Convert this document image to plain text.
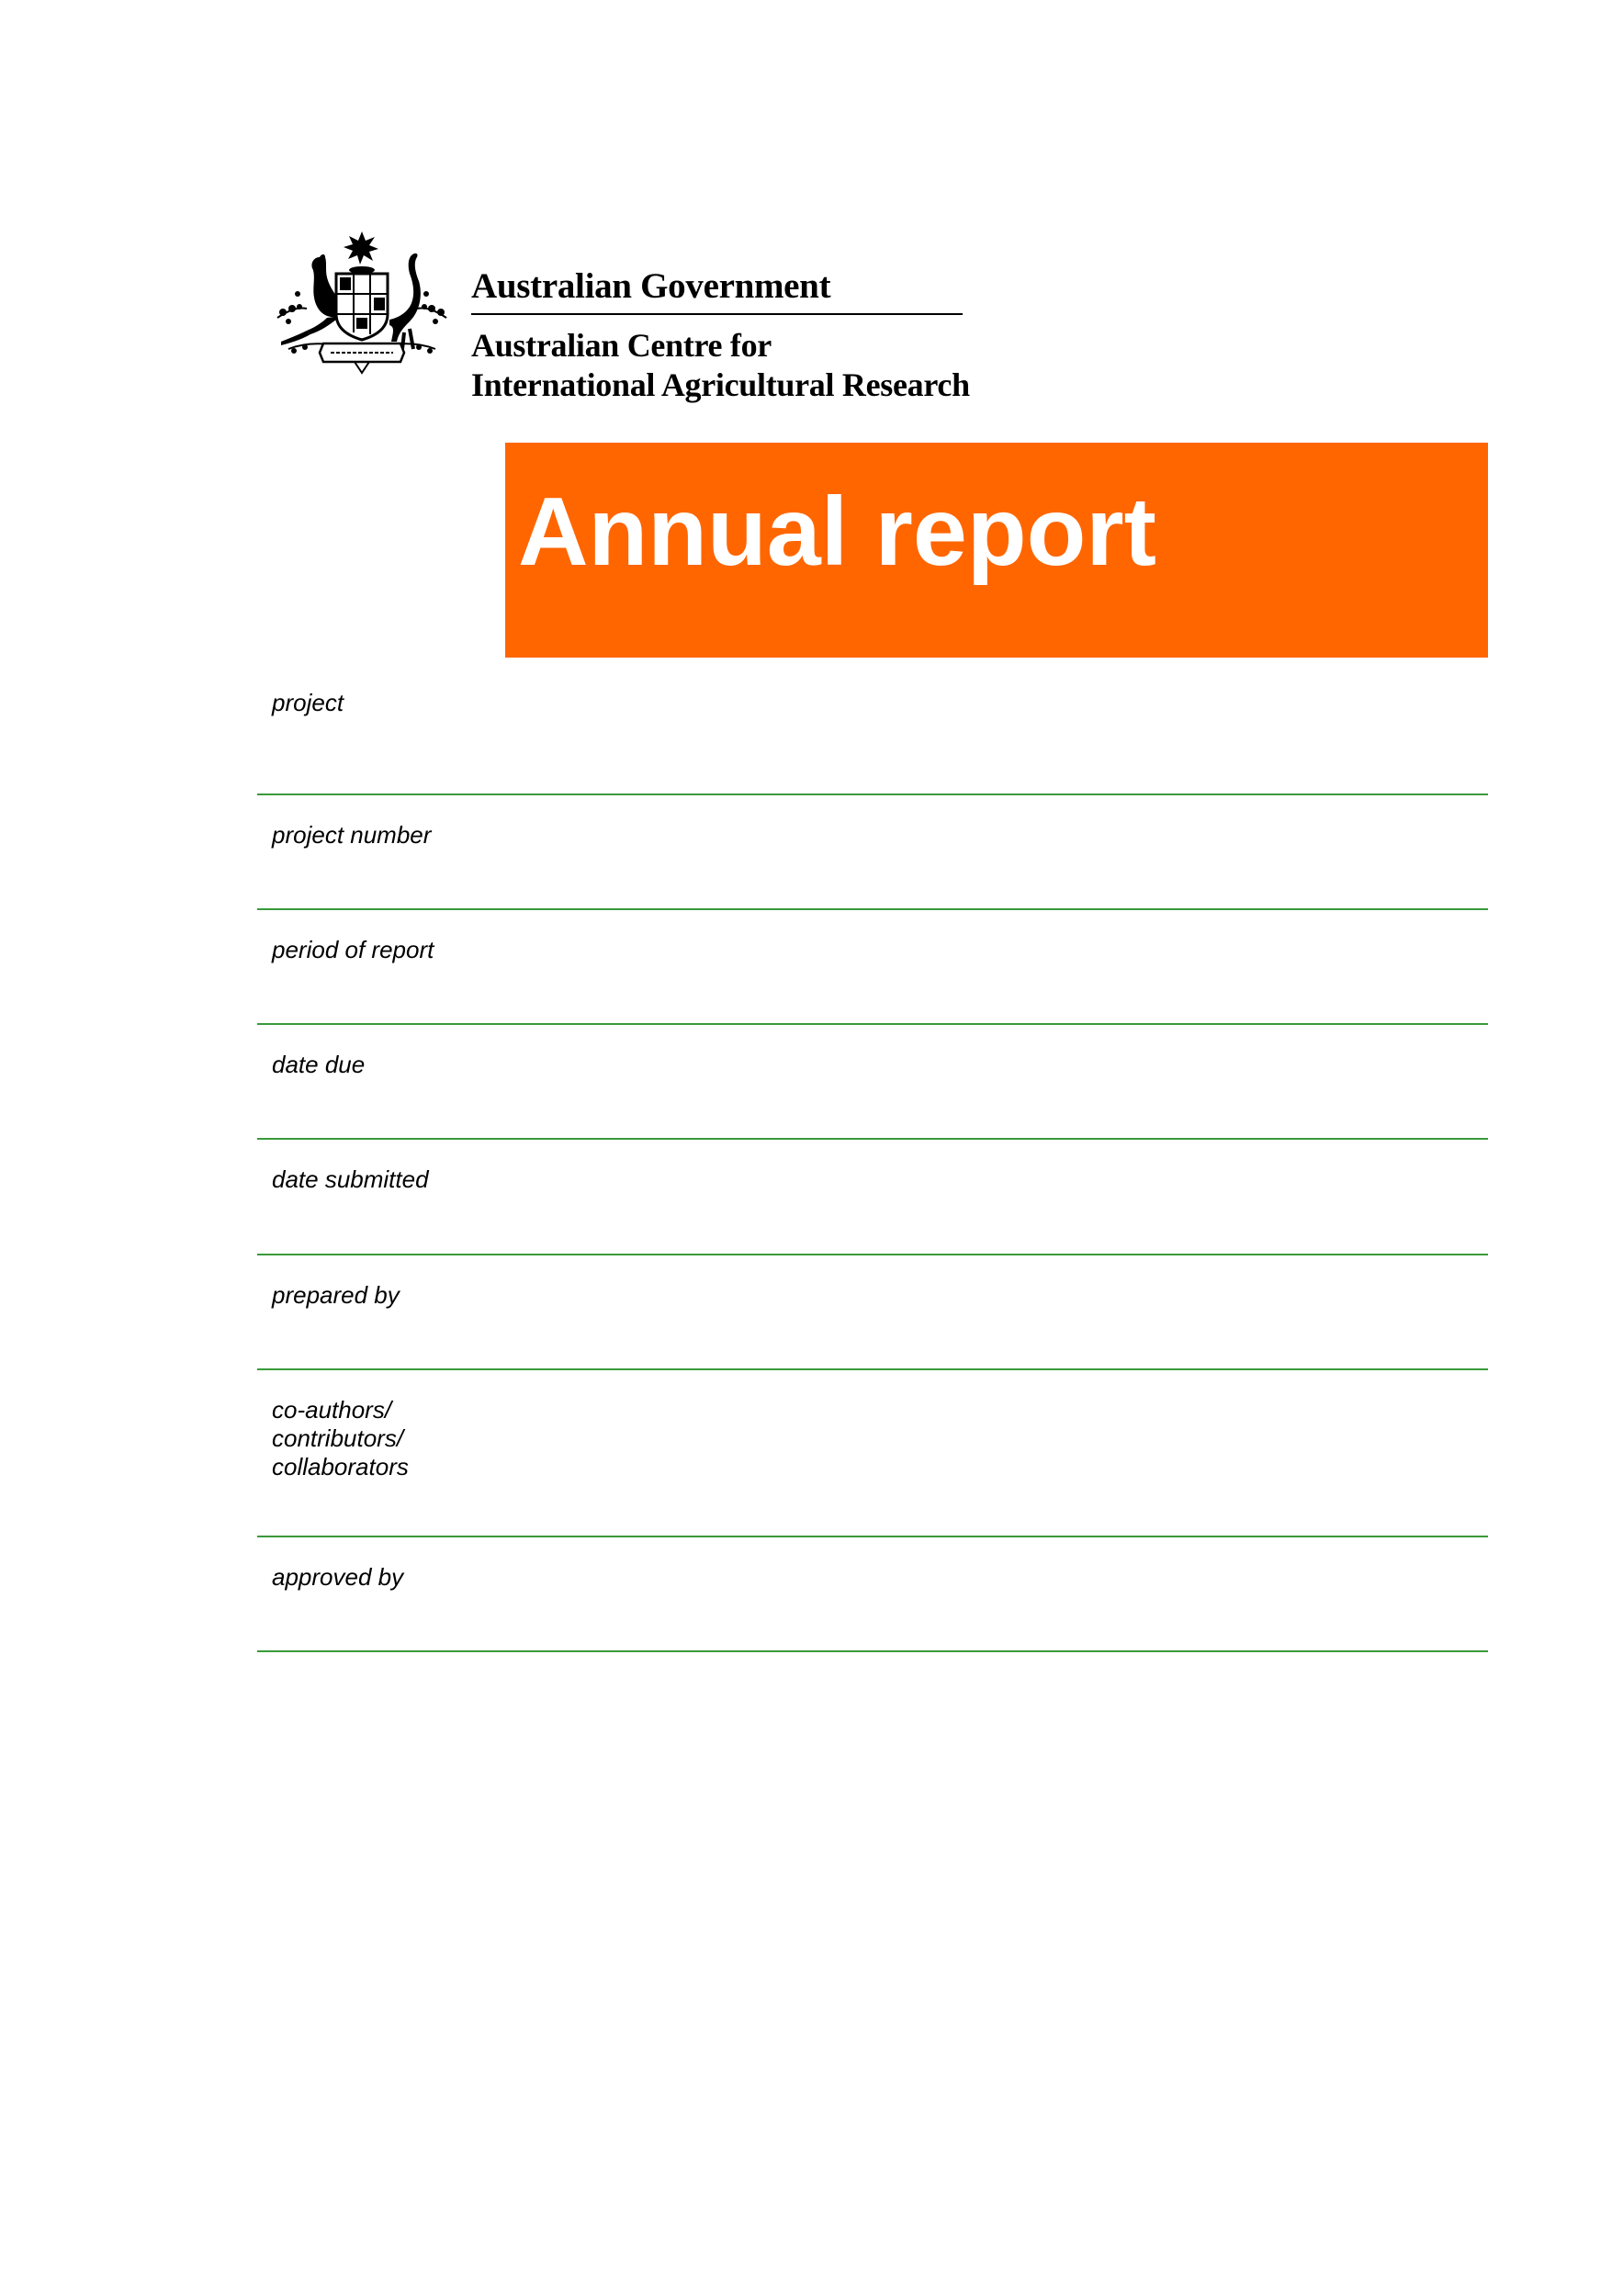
Australian Government
Australian Centre for
International Agricultural Research
Annual report
project
project number
period of report
date due
date submitted
prepared by
co-authors/
contributors/
collaborators
approved by
